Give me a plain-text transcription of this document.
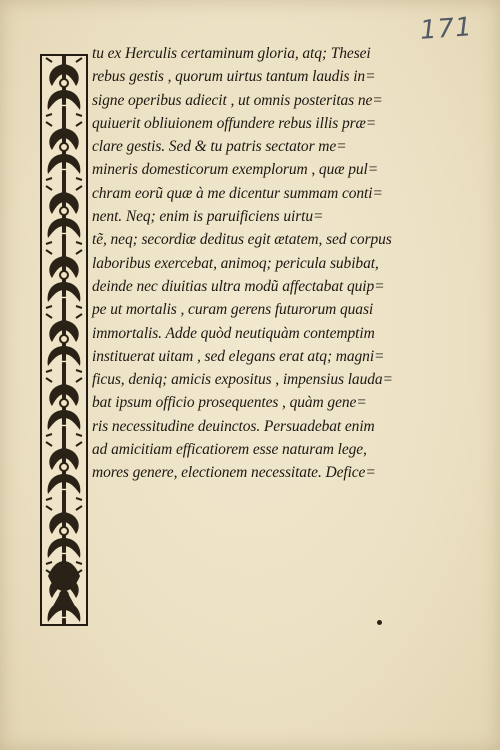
171
tu ex Herculis certaminum gloria, atq; Thesei
rebus gestis , quorum uirtus tantum laudis in=
signe operibus adiecit , ut omnis posteritas ne=
quiuerit obliuionem offundere rebus illis præ=
clare gestis. Sed & tu patris sectator me=
mineris domesticorum exemplorum , quæ pul=
chram eorũ quæ à me dicentur summam conti=
nent. Neq; enim is paruificiens uirtu=
tẽ, neq; secordiæ deditus egit ætatem, sed corpus
laboribus exercebat, animoq; pericula subibat,
deinde nec diuitias ultra modũ affectabat quip=
pe ut mortalis , curam gerens futurorum quasi
immortalis. Adde quòd neutiquàm contemptim
instituerat uitam , sed elegans erat atq; magni=
ficus, deniq; amicis expositus , impensius lauda=
bat ipsum officio prosequentes , quàm gene=
ris necessitudine deuinctos. Persuadebat enim
ad amicitiam efficatiorem esse naturam lege,
mores genere, electionem necessitate. Defice=
